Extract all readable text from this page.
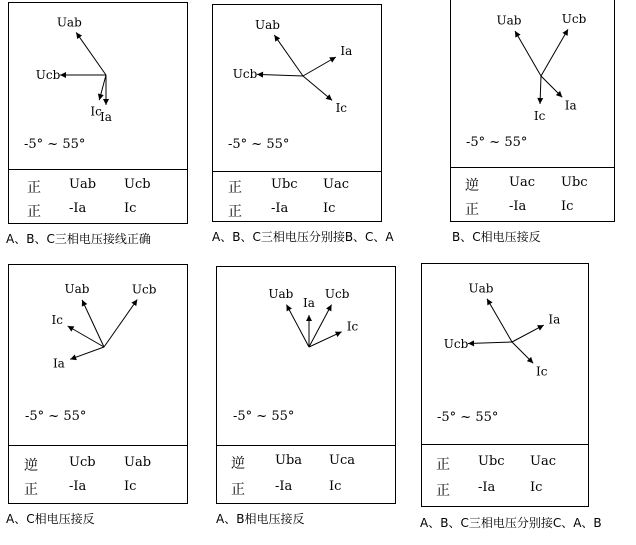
Uab
Ucb
Ic
Ia
-5° ~ 55°
正 Uab Ucb
正 -Ia	Ic
A、B、C三相电压接线正确
Uab
Ia
Ucb
Ic
-5° ~ 55°
正 Ubc Uac
正 -Ia	Ic
A、B、C三相电压分别接B、C、A
Uab	Ucb
Ic
Ia
-5° ~ 55°
逆 Uac Ubc
正 -Ia	Ic
B、C相电压接反
Uab	Ucb
Ic
Ia
-5° ~ 55°
逆 Ucb Uab
正 -Ia	Ic
A、C相电压接反
Uab
Ia
Ucb
Ic
-5° ~ 55°
逆 Uba Uca
正 -Ia	Ic
A、B相电压接反
Uab
Ia
Ucb
Ic
-5° ~ 55°
正 Ubc Uac
正 -Ia	Ic
A、B、C三相电压分别接C、A、B
